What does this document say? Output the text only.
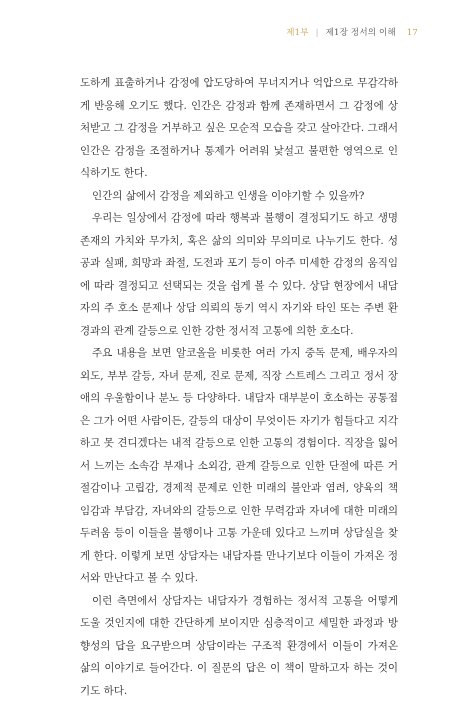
제1부 | 제1장 정서의 이해 17

도하게 표출하거나 감정에 압도당하여 무너지거나 억압으로 무감각하게 반응해 오기도 했다. 인간은 감정과 함께 존재하면서 그 감정에 상처받고 그 감정을 거부하고 싶은 모순적 모습을 갖고 살아간다. 그래서 인간은 감정을 조절하거나 통제가 어려워 낯설고 불편한 영역으로 인식하기도 한다.

인간의 삶에서 감정을 제외하고 인생을 이야기할 수 있을까?

우리는 일상에서 감정에 따라 행복과 불행이 결정되기도 하고 생명 존재의 가치와 무가치, 혹은 삶의 의미와 무의미로 나누기도 한다. 성공과 실패, 희망과 좌절, 도전과 포기 등이 아주 미세한 감정의 움직임에 따라 결정되고 선택되는 것을 쉽게 볼 수 있다. 상담 현장에서 내담자의 주 호소 문제나 상담 의뢰의 동기 역시 자기와 타인 또는 주변 환경과의 관계 갈등으로 인한 강한 정서적 고통에 의한 호소다.

주요 내용을 보면 알코올을 비롯한 여러 가지 중독 문제, 배우자의 외도, 부부 갈등, 자녀 문제, 진로 문제, 직장 스트레스 그리고 정서 장애의 우울함이나 분노 등 다양하다. 내담자 대부분이 호소하는 공통점은 그가 어떤 사람이든, 갈등의 대상이 무엇이든 자기가 힘들다고 지각하고 못 견디겠다는 내적 갈등으로 인한 고통의 경험이다. 직장을 잃어서 느끼는 소속감 부재나 소외감, 관계 갈등으로 인한 단절에 따른 거절감이나 고립감, 경제적 문제로 인한 미래의 불안과 염려, 양육의 책임감과 부담감, 자녀와의 갈등으로 인한 무력감과 자녀에 대한 미래의 두려움 등이 이들을 불행이나 고통 가운데 있다고 느끼며 상담실을 찾게 한다. 이렇게 보면 상담자는 내담자를 만나기보다 이들이 가져온 정서와 만난다고 볼 수 있다.

이런 측면에서 상담자는 내담자가 경험하는 정서적 고통을 어떻게 도울 것인지에 대한 간단하게 보이지만 심층적이고 세밀한 과정과 방향성의 답을 요구받으며 상담이라는 구조적 환경에서 이들이 가져온 삶의 이야기로 들어간다. 이 질문의 답은 이 책이 말하고자 하는 것이기도 하다.
